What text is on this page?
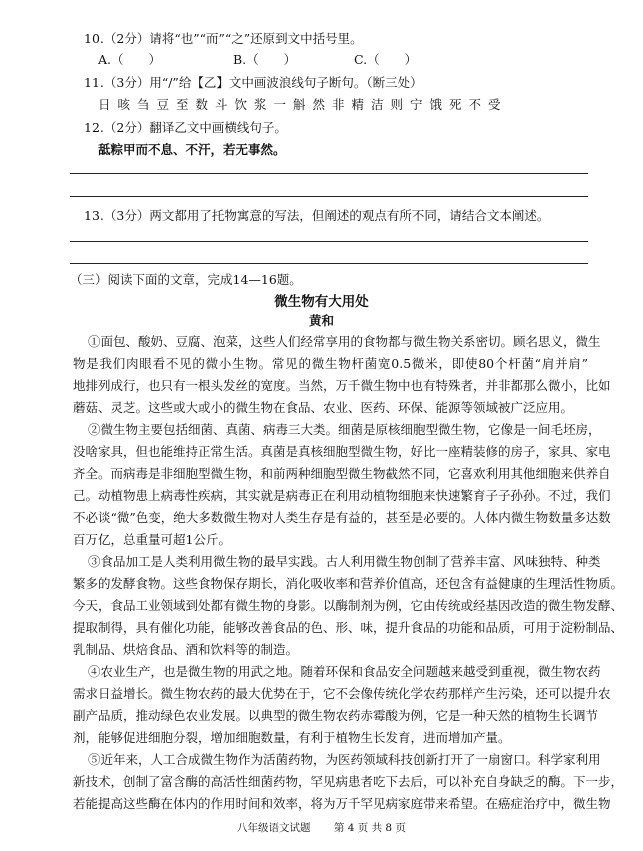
10.（2分）请将“也”“而”“之”还原到文中括号里。
A.（　　）	B.（　　）	C.（　　）
11.（3分）用“/”给【乙】文中画波浪线句子断句。（断三处）
日咳刍豆至数斗饮浆一斛然非精洁则宁饿死不受
12.（2分）翻译乙文中画横线句子。
䑛粽甲而不息、不汗，若无事然。
13.（3分）两文都用了托物寓意的写法，但阐述的观点有所不同，请结合文本阐述。
（三）阅读下面的文章，完成14—16题。
微生物有大用处
黄和
①面包、酸奶、豆腐、泡菜，这些人们经常享用的食物都与微生物关系密切。顾名思义，微生
物是我们肉眼看不见的微小生物。常见的微生物杆菌宽0.5微米，即使80个杆菌“肩并肩”
地排列成行，也只有一根头发丝的宽度。当然，万千微生物中也有特殊者，并非都那么微小，比如
蘑菇、灵芝。这些或大或小的微生物在食品、农业、医药、环保、能源等领域被广泛应用。
②微生物主要包括细菌、真菌、病毒三大类。细菌是原核细胞型微生物，它像是一间毛坯房，
没啥家具，但也能维持正常生活。真菌是真核细胞型微生物，好比一座精装修的房子，家具、家电
齐全。而病毒是非细胞型微生物，和前两种细胞型微生物截然不同，它喜欢利用其他细胞来供养自
己。动植物患上病毒性疾病，其实就是病毒正在利用动植物细胞来快速繁育子子孙孙。不过，我们
不必谈“微”色变，绝大多数微生物对人类生存是有益的，甚至是必要的。人体内微生物数量多达数
百万亿，总重量可超1公斤。
③食品加工是人类利用微生物的最早实践。古人利用微生物创制了营养丰富、风味独特、种类
繁多的发酵食物。这些食物保存期长，消化吸收率和营养价值高，还包含有益健康的生理活性物质。
今天，食品工业领域到处都有微生物的身影。以酶制剂为例，它由传统或经基因改造的微生物发酵、
提取制得，具有催化功能，能够改善食品的色、形、味，提升食品的功能和品质，可用于淀粉制品、
乳制品、烘焙食品、酒和饮料等的制造。
④农业生产，也是微生物的用武之地。随着环保和食品安全问题越来越受到重视，微生物农药
需求日益增长。微生物农药的最大优势在于，它不会像传统化学农药那样产生污染，还可以提升农
副产品质，推动绿色农业发展。以典型的微生物农药赤霉酸为例，它是一种天然的植物生长调节
剂，能够促进细胞分裂，增加细胞数量，有利于植物生长发育，进而增加产量。
⑤近年来，人工合成微生物作为活菌药物，为医药领域科技创新打开了一扇窗口。科学家利用
新技术，创制了富含酶的高活性细菌药物，罕见病患者吃下去后，可以补充自身缺乏的酶。下一步，
若能提高这些酶在体内的作用时间和效率，将为万千罕见病家庭带来希望。在癌症治疗中，微生物
八年级语文试题 第 4 页 共 8 页
